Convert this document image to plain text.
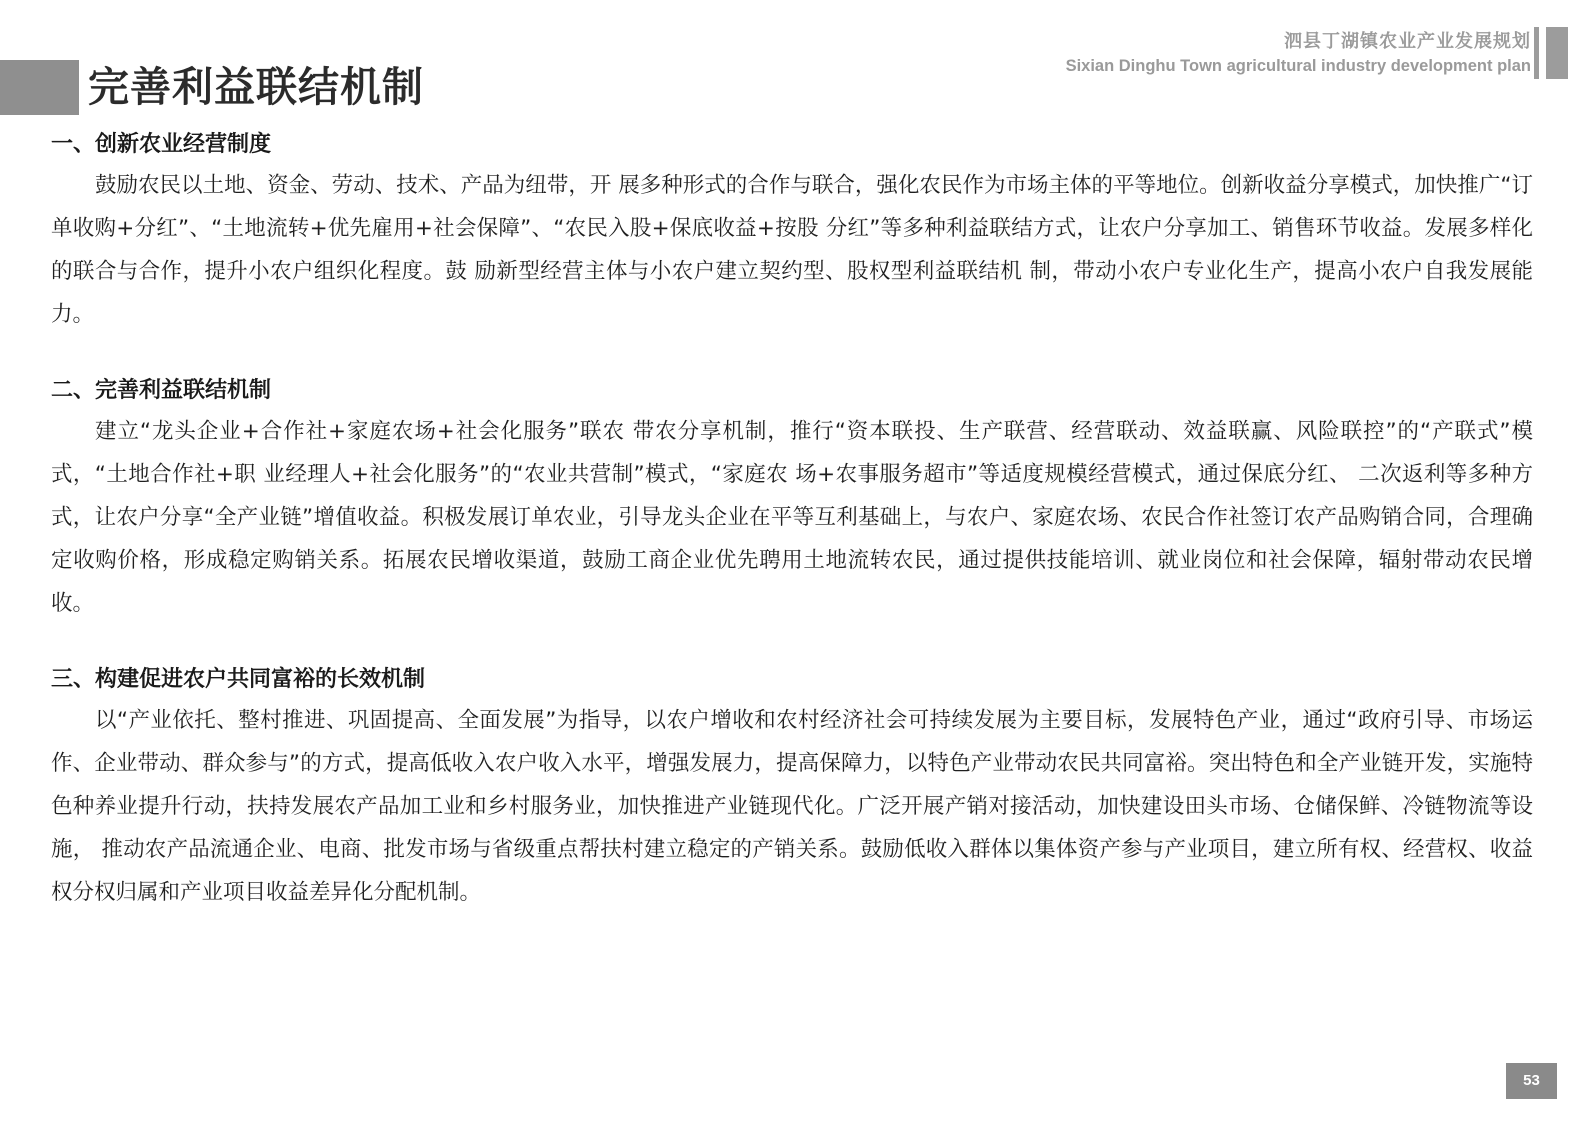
完善利益联结机制
泗县丁湖镇农业产业发展规划
Sixian Dinghu Town agricultural industry development plan
一、创新农业经营制度

鼓励农民以土地、资金、劳动、技术、产品为纽带，开 展多种形式的合作与联合，强化农民作为市场主体的平等地位。创新收益分享模式，加快推广“订单收购+分红”、“土地流转+优先雇用+社会保障”、“农民入股+保底收益+按股 分红”等多种利益联结方式，让农户分享加工、销售环节收益。发展多样化的联合与合作，提升小农户组织化程度。鼓 励新型经营主体与小农户建立契约型、股权型利益联结机 制，带动小农户专业化生产，提高小农户自我发展能力。

二、完善利益联结机制

建立“龙头企业+合作社+家庭农场+社会化服务”联农 带农分享机制，推行“资本联投、生产联营、经营联动、效益联赢、风险联控”的“产联式”模式，“土地合作社+职 业经理人+社会化服务”的“农业共营制”模式，“家庭农 场+农事服务超市”等适度规模经营模式，通过保底分红、 二次返利等多种方式，让农户分享“全产业链”增值收益。积极发展订单农业，引导龙头企业在平等互利基础上，与农户、家庭农场、农民合作社签订农产品购销合同，合理确定收购价格，形成稳定购销关系。拓展农民增收渠道，鼓励工商企业优先聘用土地流转农民，通过提供技能培训、就业岗位和社会保障，辐射带动农民增收。

三、构建促进农户共同富裕的长效机制

以“产业依托、整村推进、巩固提高、全面发展”为指导，以农户增收和农村经济社会可持续发展为主要目标，发展特色产业，通过“政府引导、市场运作、企业带动、群众参与”的方式，提高低收入农户收入水平，增强发展力，提高保障力，以特色产业带动农民共同富裕。突出特色和全产业链开发，实施特色种养业提升行动，扶持发展农产品加工业和乡村服务业，加快推进产业链现代化。广泛开展产销对接活动，加快建设田头市场、仓储保鲜、冷链物流等设施， 推动农产品流通企业、电商、批发市场与省级重点帮扶村建立稳定的产销关系。鼓励低收入群体以集体资产参与产业项目，建立所有权、经营权、收益权分权归属和产业项目收益差异化分配机制。

53
